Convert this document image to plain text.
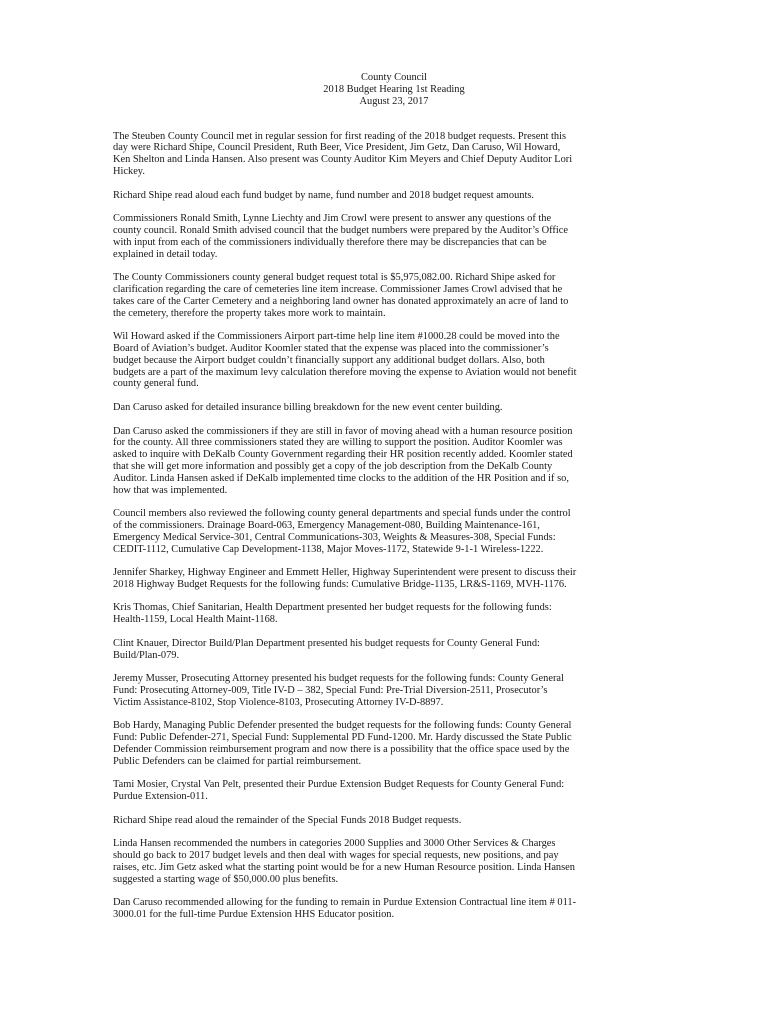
County Council
2018 Budget Hearing 1st Reading
August 23, 2017

The Steuben County Council met in regular session for first reading of the 2018 budget requests. Present this
day were Richard Shipe, Council President, Ruth Beer, Vice President, Jim Getz, Dan Caruso, Wil Howard,
Ken Shelton and Linda Hansen. Also present was County Auditor Kim Meyers and Chief Deputy Auditor Lori
Hickey.

Richard Shipe read aloud each fund budget by name, fund number and 2018 budget request amounts.

Commissioners Ronald Smith, Lynne Liechty and Jim Crowl were present to answer any questions of the
county council. Ronald Smith advised council that the budget numbers were prepared by the Auditor’s Office
with input from each of the commissioners individually therefore there may be discrepancies that can be
explained in detail today.

The County Commissioners county general budget request total is $5,975,082.00. Richard Shipe asked for
clarification regarding the care of cemeteries line item increase. Commissioner James Crowl advised that he
takes care of the Carter Cemetery and a neighboring land owner has donated approximately an acre of land to
the cemetery, therefore the property takes more work to maintain.

Wil Howard asked if the Commissioners Airport part-time help line item #1000.28 could be moved into the
Board of Aviation’s budget. Auditor Koomler stated that the expense was placed into the commissioner’s
budget because the Airport budget couldn’t financially support any additional budget dollars. Also, both
budgets are a part of the maximum levy calculation therefore moving the expense to Aviation would not benefit
county general fund.

Dan Caruso asked for detailed insurance billing breakdown for the new event center building.

Dan Caruso asked the commissioners if they are still in favor of moving ahead with a human resource position
for the county. All three commissioners stated they are willing to support the position. Auditor Koomler was
asked to inquire with DeKalb County Government regarding their HR position recently added. Koomler stated
that she will get more information and possibly get a copy of the job description from the DeKalb County
Auditor. Linda Hansen asked if DeKalb implemented time clocks to the addition of the HR Position and if so,
how that was implemented.

Council members also reviewed the following county general departments and special funds under the control
of the commissioners. Drainage Board-063, Emergency Management-080, Building Maintenance-161,
Emergency Medical Service-301, Central Communications-303, Weights & Measures-308, Special Funds:
CEDIT-1112, Cumulative Cap Development-1138, Major Moves-1172, Statewide 9-1-1 Wireless-1222.

Jennifer Sharkey, Highway Engineer and Emmett Heller, Highway Superintendent were present to discuss their
2018 Highway Budget Requests for the following funds: Cumulative Bridge-1135, LR&S-1169, MVH-1176.

Kris Thomas, Chief Sanitarian, Health Department presented her budget requests for the following funds:
Health-1159, Local Health Maint-1168.

Clint Knauer, Director Build/Plan Department presented his budget requests for County General Fund:
Build/Plan-079.

Jeremy Musser, Prosecuting Attorney presented his budget requests for the following funds: County General
Fund: Prosecuting Attorney-009, Title IV-D – 382, Special Fund: Pre-Trial Diversion-2511, Prosecutor’s
Victim Assistance-8102, Stop Violence-8103, Prosecuting Attorney IV-D-8897.

Bob Hardy, Managing Public Defender presented the budget requests for the following funds: County General
Fund: Public Defender-271, Special Fund: Supplemental PD Fund-1200. Mr. Hardy discussed the State Public
Defender Commission reimbursement program and now there is a possibility that the office space used by the
Public Defenders can be claimed for partial reimbursement.

Tami Mosier, Crystal Van Pelt, presented their Purdue Extension Budget Requests for County General Fund:
Purdue Extension-011.

Richard Shipe read aloud the remainder of the Special Funds 2018 Budget requests.

Linda Hansen recommended the numbers in categories 2000 Supplies and 3000 Other Services & Charges
should go back to 2017 budget levels and then deal with wages for special requests, new positions, and pay
raises, etc. Jim Getz asked what the starting point would be for a new Human Resource position. Linda Hansen
suggested a starting wage of $50,000.00 plus benefits.

Dan Caruso recommended allowing for the funding to remain in Purdue Extension Contractual line item # 011-
3000.01 for the full-time Purdue Extension HHS Educator position.
